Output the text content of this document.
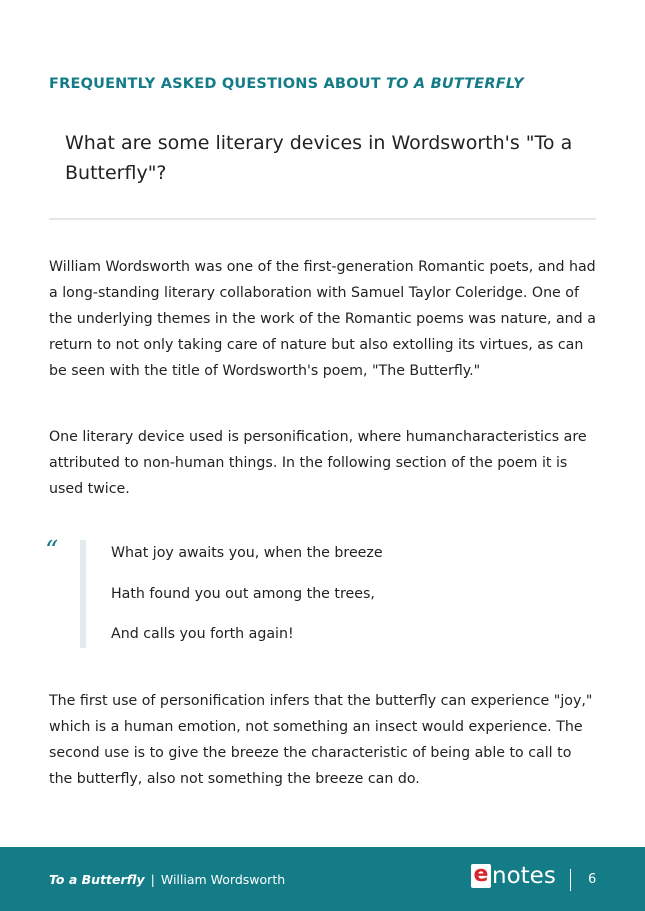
FREQUENTLY ASKED QUESTIONS ABOUT TO A BUTTERFLY
What are some literary devices in Wordsworth's "To a Butterfly"?

William Wordsworth was one of the first-generation Romantic poets, and had a long-standing literary collaboration with Samuel Taylor Coleridge. One of the underlying themes in the work of the Romantic poems was nature, and a return to not only taking care of nature but also extolling its virtues, as can be seen with the title of Wordsworth's poem, "The Butterfly."

One literary device used is personification, where humancharacteristics are attributed to non-human things. In the following section of the poem it is used twice.

“	What joy awaits you, when the breeze
Hath found you out among the trees,
And calls you forth again!

The first use of personification infers that the butterfly can experience "joy," which is a human emotion, not something an insect would experience. The second use is to give the breeze the characteristic of being able to call to the butterfly, also not something the breeze can do.

To a Butterfly | William Wordsworth	e notes 6
